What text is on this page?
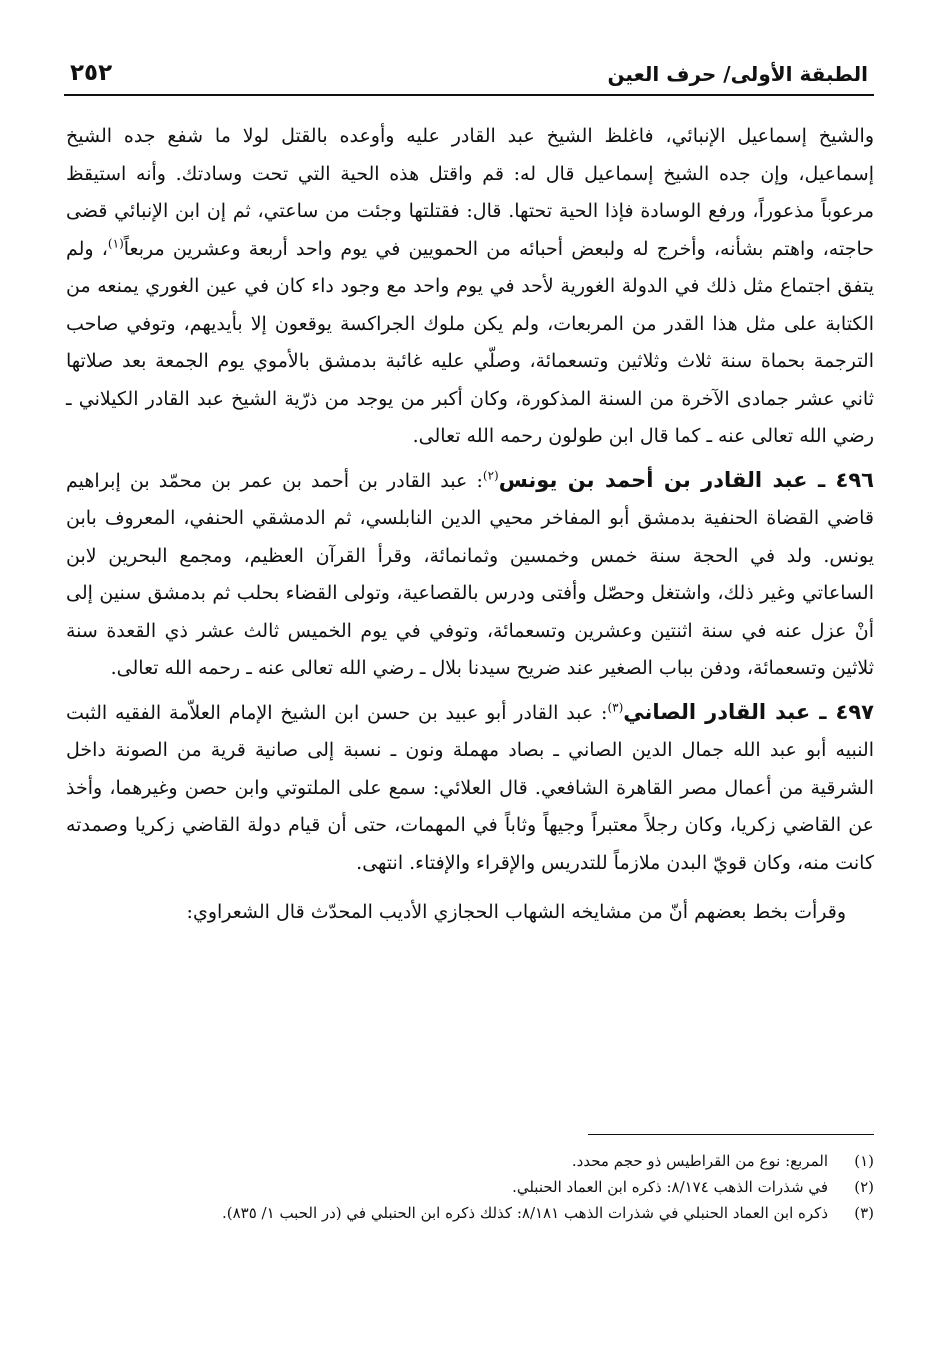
الطبقة الأولى/ حرف العين
٢٥٢

والشيخ إسماعيل الإنبائي، فاغلظ الشيخ عبد القادر عليه وأوعده بالقتل لولا ما شفع جده الشيخ إسماعيل، وإن جده الشيخ إسماعيل قال له: قم واقتل هذه الحية التي تحت وسادتك. وأنه استيقظ مرعوباً مذعوراً، ورفع الوسادة فإذا الحية تحتها. قال: فقتلتها وجئت من ساعتي، ثم إن ابن الإنبائي قضى حاجته، واهتم بشأنه، وأخرج له ولبعض أحبائه من الحمويين في يوم واحد أربعة وعشرين مربعاً$^{(١)}$، ولم يتفق اجتماع مثل ذلك في الدولة الغورية لأحد في يوم واحد مع وجود داء كان في عين الغوري يمنعه من الكتابة على مثل هذا القدر من المربعات، ولم يكن ملوك الجراكسة يوقعون إلا بأيديهم، وتوفي صاحب الترجمة بحماة سنة ثلاث وثلاثين وتسعمائة، وصلّي عليه غائبة بدمشق بالأموي يوم الجمعة بعد صلاتها ثاني عشر جمادى الآخرة من السنة المذكورة، وكان أكبر من يوجد من ذرّية الشيخ عبد القادر الكيلاني ـ رضي الله تعالى عنه ـ كما قال ابن طولون رحمه الله تعالى.

٤٩٦ ـ عبد القادر بن أحمد بن يونس$^{(٢)}$: عبد القادر بن أحمد بن عمر بن محمّد بن إبراهيم قاضي القضاة الحنفية بدمشق أبو المفاخر محيي الدين النابلسي، ثم الدمشقي الحنفي، المعروف بابن يونس. ولد في الحجة سنة خمس وخمسين وثمانمائة، وقرأ القرآن العظيم، ومجمع البحرين لابن الساعاتي وغير ذلك، واشتغل وحصّل وأفتى ودرس بالقصاعية، وتولى القضاء بحلب ثم بدمشق سنين إلى أنْ عزل عنه في سنة اثنتين وعشرين وتسعمائة، وتوفي في يوم الخميس ثالث عشر ذي القعدة سنة ثلاثين وتسعمائة، ودفن بباب الصغير عند ضريح سيدنا بلال ـ رضي الله تعالى عنه ـ رحمه الله تعالى.

٤٩٧ ـ عبد القادر الصاني$^{(٣)}$: عبد القادر أبو عبيد بن حسن ابن الشيخ الإمام العلاّمة الفقيه الثبت النبيه أبو عبد الله جمال الدين الصاني ـ بصاد مهملة ونون ـ نسبة إلى صانية قرية من الصونة داخل الشرقية من أعمال مصر القاهرة الشافعي. قال العلائي: سمع على الملتوتي وابن حصن وغيرهما، وأخذ عن القاضي زكريا، وكان رجلاً معتبراً وجيهاً وثاباً في المهمات، حتى أن قيام دولة القاضي زكريا وصمدته كانت منه، وكان قويّ البدن ملازماً للتدريس والإقراء والإفتاء. انتهى.

وقرأت بخط بعضهم أنّ من مشايخه الشهاب الحجازي الأديب المحدّث قال الشعراوي:

(١)
المربع: نوع من القراطيس ذو حجم محدد.
(٢)
في شذرات الذهب ٨/١٧٤: ذكره ابن العماد الحنبلي.
(٣)
ذكره ابن العماد الحنبلي في شذرات الذهب ٨/١٨١: كذلك ذكره ابن الحنبلي في (در الحبب ١/ ٨٣٥).
